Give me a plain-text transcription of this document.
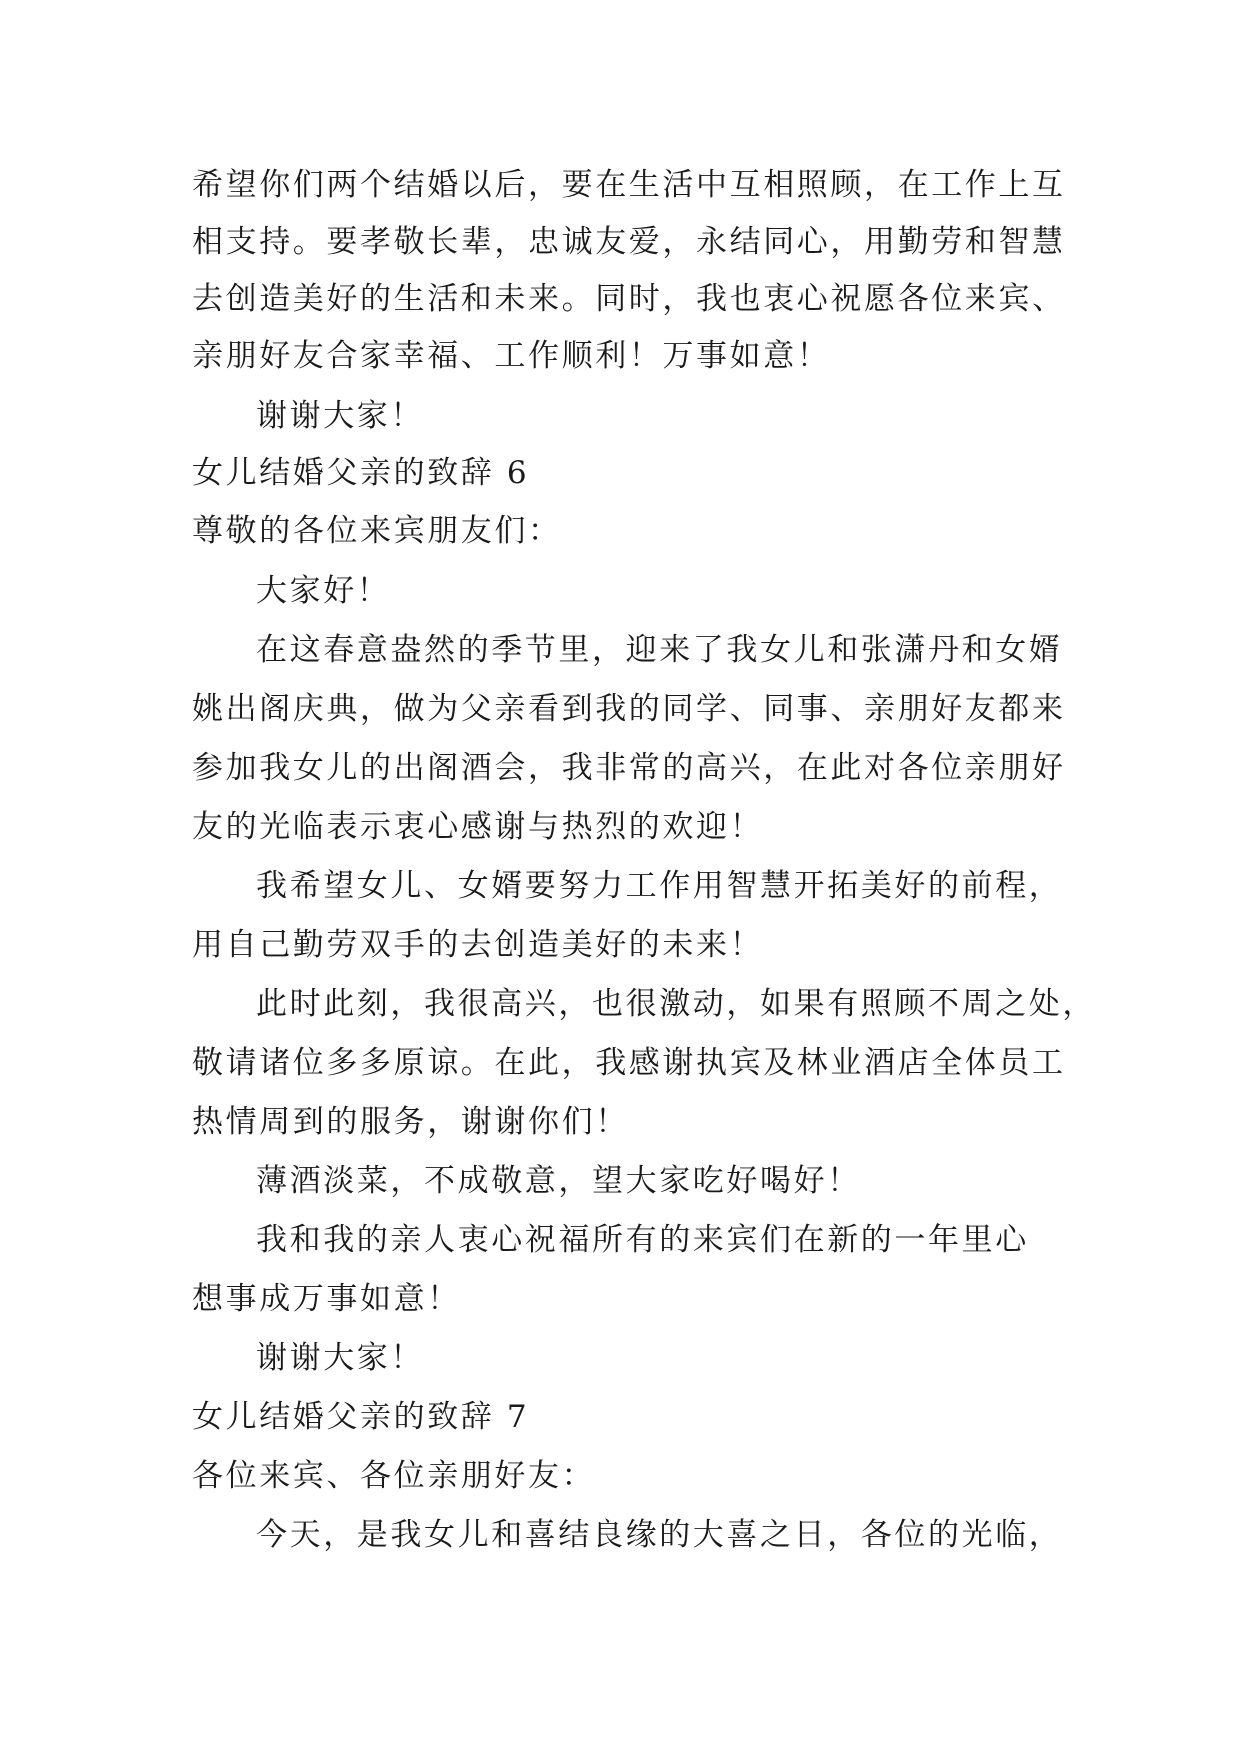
希望你们两个结婚以后，要在生活中互相照顾，在工作上互
相支持。要孝敬长辈，忠诚友爱，永结同心，用勤劳和智慧
去创造美好的生活和未来。同时，我也衷心祝愿各位来宾、
亲朋好友合家幸福、工作顺利！万事如意！
谢谢大家！
女儿结婚父亲的致辞 6
尊敬的各位来宾朋友们：
大家好！
在这春意盎然的季节里，迎来了我女儿和张潇丹和女婿
姚出阁庆典，做为父亲看到我的同学、同事、亲朋好友都来
参加我女儿的出阁酒会，我非常的高兴，在此对各位亲朋好
友的光临表示衷心感谢与热烈的欢迎！
我希望女儿、女婿要努力工作用智慧开拓美好的前程，
用自己勤劳双手的去创造美好的未来！
此时此刻，我很高兴，也很激动，如果有照顾不周之处，
敬请诸位多多原谅。在此，我感谢执宾及林业酒店全体员工
热情周到的服务，谢谢你们！
薄酒淡菜，不成敬意，望大家吃好喝好！
我和我的亲人衷心祝福所有的来宾们在新的一年里心
想事成万事如意！
谢谢大家！
女儿结婚父亲的致辞 7
各位来宾、各位亲朋好友：
今天，是我女儿和喜结良缘的大喜之日，各位的光临，
